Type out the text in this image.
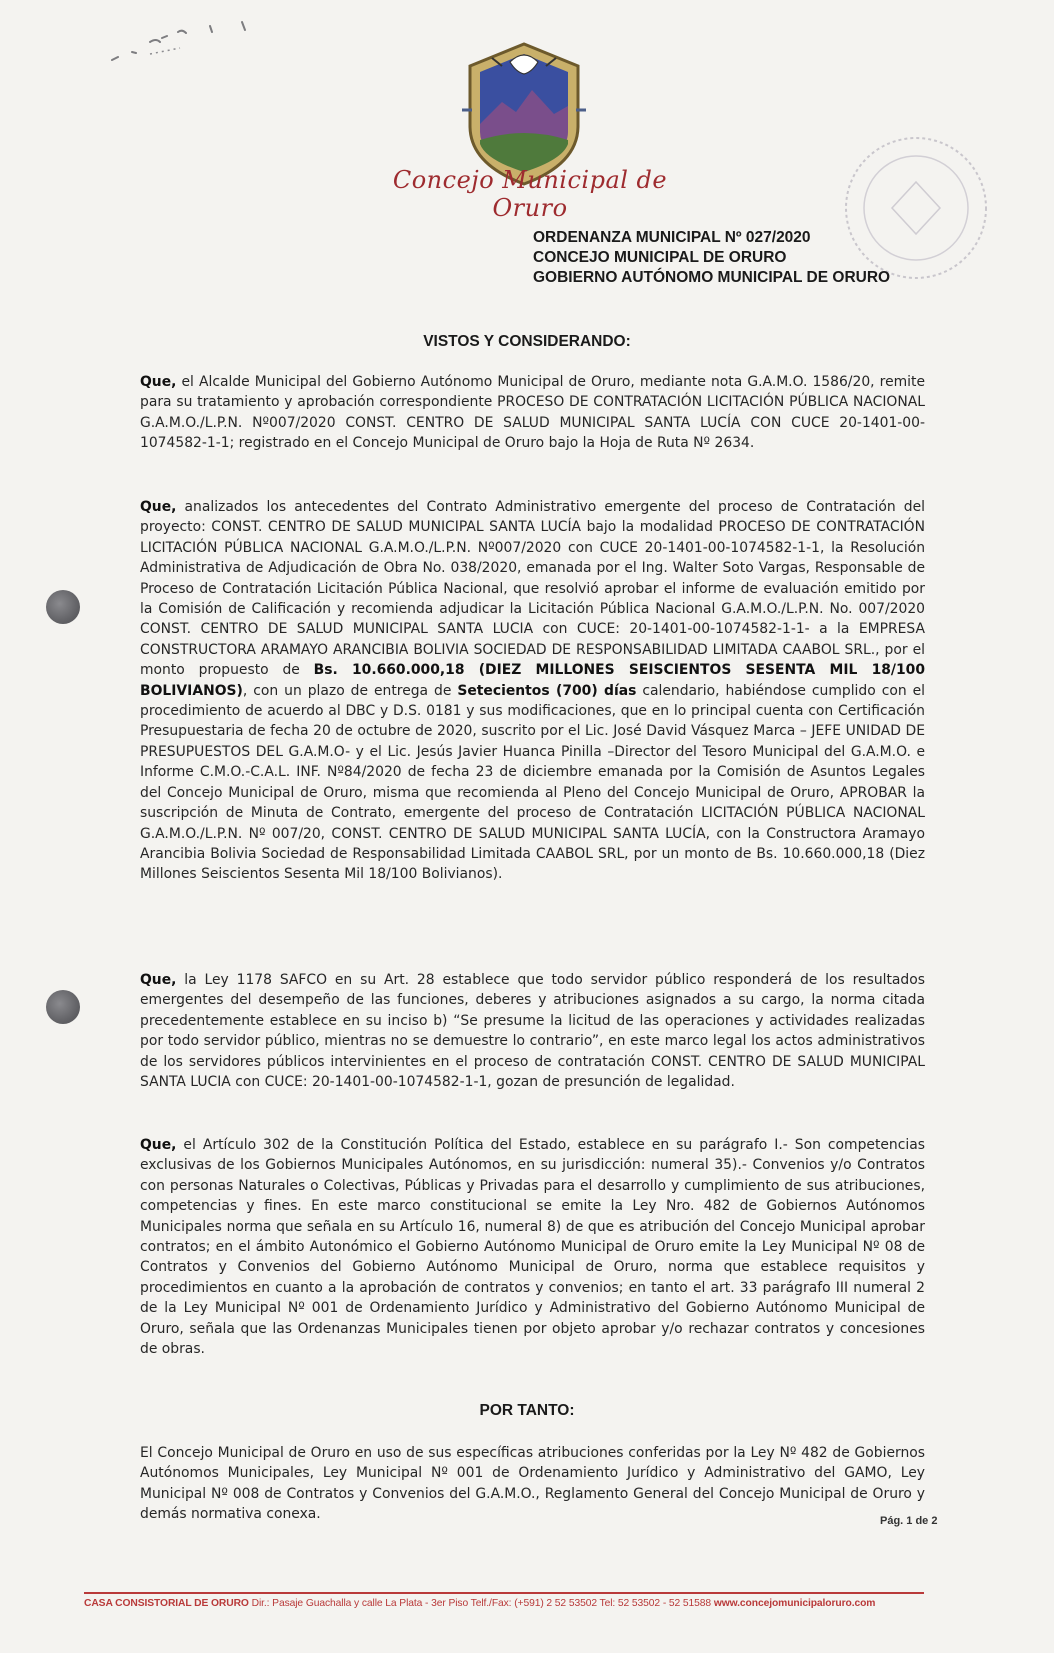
Concejo Municipal de Oruro
ORDENANZA MUNICIPAL Nº 027/2020
CONCEJO MUNICIPAL DE ORURO
GOBIERNO AUTÓNOMO MUNICIPAL DE ORURO
VISTOS Y CONSIDERANDO:
Que, el Alcalde Municipal del Gobierno Autónomo Municipal de Oruro, mediante nota G.A.M.O. 1586/20, remite para su tratamiento y aprobación correspondiente PROCESO DE CONTRATACIÓN LICITACIÓN PÚBLICA NACIONAL G.A.M.O./L.P.N. Nº007/2020 CONST. CENTRO DE SALUD MUNICIPAL SANTA LUCÍA CON CUCE 20-1401-00-1074582-1-1; registrado en el Concejo Municipal de Oruro bajo la Hoja de Ruta Nº 2634.
Que, analizados los antecedentes del Contrato Administrativo emergente del proceso de Contratación del proyecto: CONST. CENTRO DE SALUD MUNICIPAL SANTA LUCÍA bajo la modalidad PROCESO DE CONTRATACIÓN LICITACIÓN PÚBLICA NACIONAL G.A.M.O./L.P.N. Nº007/2020 con CUCE 20-1401-00-1074582-1-1, la Resolución Administrativa de Adjudicación de Obra No. 038/2020, emanada por el Ing. Walter Soto Vargas, Responsable de Proceso de Contratación Licitación Pública Nacional, que resolvió aprobar el informe de evaluación emitido por la Comisión de Calificación y recomienda adjudicar la Licitación Pública Nacional G.A.M.O./L.P.N. No. 007/2020 CONST. CENTRO DE SALUD MUNICIPAL SANTA LUCIA con CUCE: 20-1401-00-1074582-1-1- a la EMPRESA CONSTRUCTORA ARAMAYO ARANCIBIA BOLIVIA SOCIEDAD DE RESPONSABILIDAD LIMITADA CAABOL SRL., por el monto propuesto de Bs. 10.660.000,18 (DIEZ MILLONES SEISCIENTOS SESENTA MIL 18/100 BOLIVIANOS), con un plazo de entrega de Setecientos (700) días calendario, habiéndose cumplido con el procedimiento de acuerdo al DBC y D.S. 0181 y sus modificaciones, que en lo principal cuenta con Certificación Presupuestaria de fecha 20 de octubre de 2020, suscrito por el Lic. José David Vásquez Marca – JEFE UNIDAD DE PRESUPUESTOS DEL G.A.M.O- y el Lic. Jesús Javier Huanca Pinilla –Director del Tesoro Municipal del G.A.M.O. e Informe C.M.O.-C.A.L. INF. Nº84/2020 de fecha 23 de diciembre emanada por la Comisión de Asuntos Legales del Concejo Municipal de Oruro, misma que recomienda al Pleno del Concejo Municipal de Oruro, APROBAR la suscripción de Minuta de Contrato, emergente del proceso de Contratación LICITACIÓN PÚBLICA NACIONAL G.A.M.O./L.P.N. Nº 007/20, CONST. CENTRO DE SALUD MUNICIPAL SANTA LUCÍA, con la Constructora Aramayo Arancibia Bolivia Sociedad de Responsabilidad Limitada CAABOL SRL, por un monto de Bs. 10.660.000,18 (Diez Millones Seiscientos Sesenta Mil 18/100 Bolivianos).
Que, la Ley 1178 SAFCO en su Art. 28 establece que todo servidor público responderá de los resultados emergentes del desempeño de las funciones, deberes y atribuciones asignados a su cargo, la norma citada precedentemente establece en su inciso b) “Se presume la licitud de las operaciones y actividades realizadas por todo servidor público, mientras no se demuestre lo contrario”, en este marco legal los actos administrativos de los servidores públicos intervinientes en el proceso de contratación CONST. CENTRO DE SALUD MUNICIPAL SANTA LUCIA con CUCE: 20-1401-00-1074582-1-1, gozan de presunción de legalidad.
Que, el Artículo 302 de la Constitución Política del Estado, establece en su parágrafo I.- Son competencias exclusivas de los Gobiernos Municipales Autónomos, en su jurisdicción: numeral 35).- Convenios y/o Contratos con personas Naturales o Colectivas, Públicas y Privadas para el desarrollo y cumplimiento de sus atribuciones, competencias y fines. En este marco constitucional se emite la Ley Nro. 482 de Gobiernos Autónomos Municipales norma que señala en su Artículo 16, numeral 8) de que es atribución del Concejo Municipal aprobar contratos; en el ámbito Autonómico el Gobierno Autónomo Municipal de Oruro emite la Ley Municipal Nº 08 de Contratos y Convenios del Gobierno Autónomo Municipal de Oruro, norma que establece requisitos y procedimientos en cuanto a la aprobación de contratos y convenios; en tanto el art. 33 parágrafo III numeral 2 de la Ley Municipal Nº 001 de Ordenamiento Jurídico y Administrativo del Gobierno Autónomo Municipal de Oruro, señala que las Ordenanzas Municipales tienen por objeto aprobar y/o rechazar contratos y concesiones de obras.
POR TANTO:
El Concejo Municipal de Oruro en uso de sus específicas atribuciones conferidas por la Ley Nº 482 de Gobiernos Autónomos Municipales, Ley Municipal Nº 001 de Ordenamiento Jurídico y Administrativo del GAMO, Ley Municipal Nº 008 de Contratos y Convenios del G.A.M.O., Reglamento General del Concejo Municipal de Oruro y demás normativa conexa.	Pág. 1 de 2
CASA CONSISTORIAL DE ORURO Dir.: Pasaje Guachalla y calle La Plata - 3er Piso Telf./Fax: (+591) 2 52 53502 Tel: 52 53502 - 52 51588 www.concejomunicipaloruro.com
